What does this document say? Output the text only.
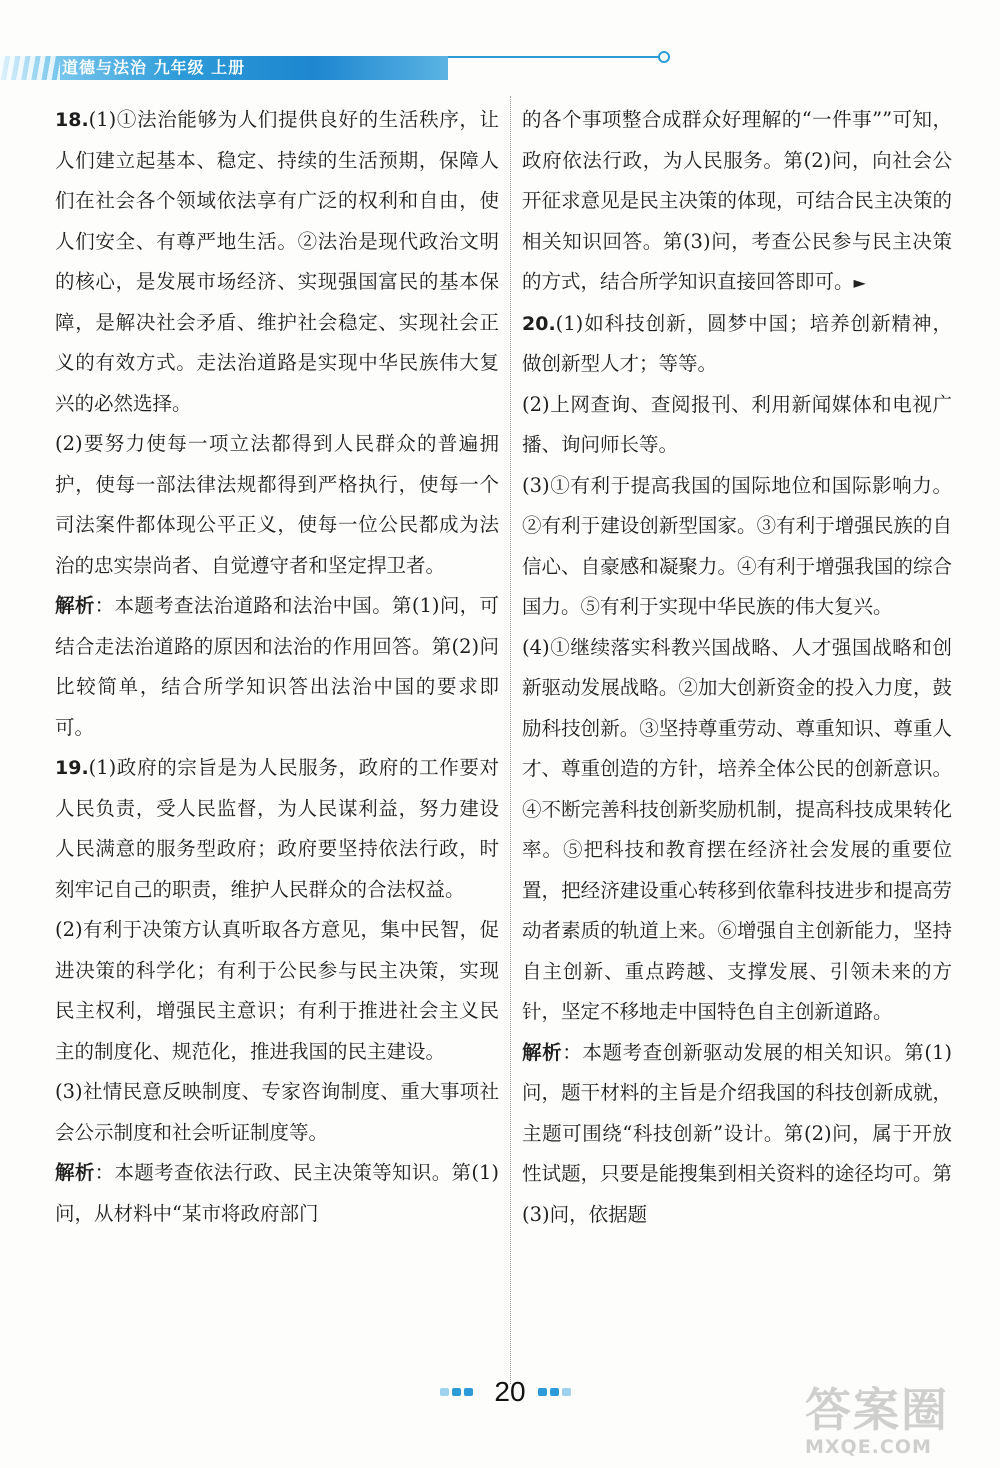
道德与法治 九年级 上册

18.(1)①法治能够为人们提供良好的生活秩序，让人们建立起基本、稳定、持续的生活预期，保障人们在社会各个领域依法享有广泛的权利和自由，使人们安全、有尊严地生活。②法治是现代政治文明的核心，是发展市场经济、实现强国富民的基本保障，是解决社会矛盾、维护社会稳定、实现社会正义的有效方式。走法治道路是实现中华民族伟大复兴的必然选择。

(2)要努力使每一项立法都得到人民群众的普遍拥护，使每一部法律法规都得到严格执行，使每一个司法案件都体现公平正义，使每一位公民都成为法治的忠实崇尚者、自觉遵守者和坚定捍卫者。

解析：本题考查法治道路和法治中国。第(1)问，可结合走法治道路的原因和法治的作用回答。第(2)问比较简单，结合所学知识答出法治中国的要求即可。

19.(1)政府的宗旨是为人民服务，政府的工作要对人民负责，受人民监督，为人民谋利益，努力建设人民满意的服务型政府；政府要坚持依法行政，时刻牢记自己的职责，维护人民群众的合法权益。

(2)有利于决策方认真听取各方意见，集中民智，促进决策的科学化；有利于公民参与民主决策，实现民主权利，增强民主意识；有利于推进社会主义民主的制度化、规范化，推进我国的民主建设。

(3)社情民意反映制度、专家咨询制度、重大事项社会公示制度和社会听证制度等。

解析：本题考查依法行政、民主决策等知识。第(1)问，从材料中“某市将政府部门

的各个事项整合成群众好理解的“一件事””可知，政府依法行政，为人民服务。第(2)问，向社会公开征求意见是民主决策的体现，可结合民主决策的相关知识回答。第(3)问，考查公民参与民主决策的方式，结合所学知识直接回答即可。►

20.(1)如科技创新，圆梦中国；培养创新精神，做创新型人才；等等。

(2)上网查询、查阅报刊、利用新闻媒体和电视广播、询问师长等。

(3)①有利于提高我国的国际地位和国际影响力。②有利于建设创新型国家。③有利于增强民族的自信心、自豪感和凝聚力。④有利于增强我国的综合国力。⑤有利于实现中华民族的伟大复兴。

(4)①继续落实科教兴国战略、人才强国战略和创新驱动发展战略。②加大创新资金的投入力度，鼓励科技创新。③坚持尊重劳动、尊重知识、尊重人才、尊重创造的方针，培养全体公民的创新意识。④不断完善科技创新奖励机制，提高科技成果转化率。⑤把科技和教育摆在经济社会发展的重要位置，把经济建设重心转移到依靠科技进步和提高劳动者素质的轨道上来。⑥增强自主创新能力，坚持自主创新、重点跨越、支撑发展、引领未来的方针，坚定不移地走中国特色自主创新道路。

解析：本题考查创新驱动发展的相关知识。第(1)问，题干材料的主旨是介绍我国的科技创新成就，主题可围绕“科技创新”设计。第(2)问，属于开放性试题，只要是能搜集到相关资料的途径均可。第(3)问，依据题

20	答案圈
MXQE.COM
